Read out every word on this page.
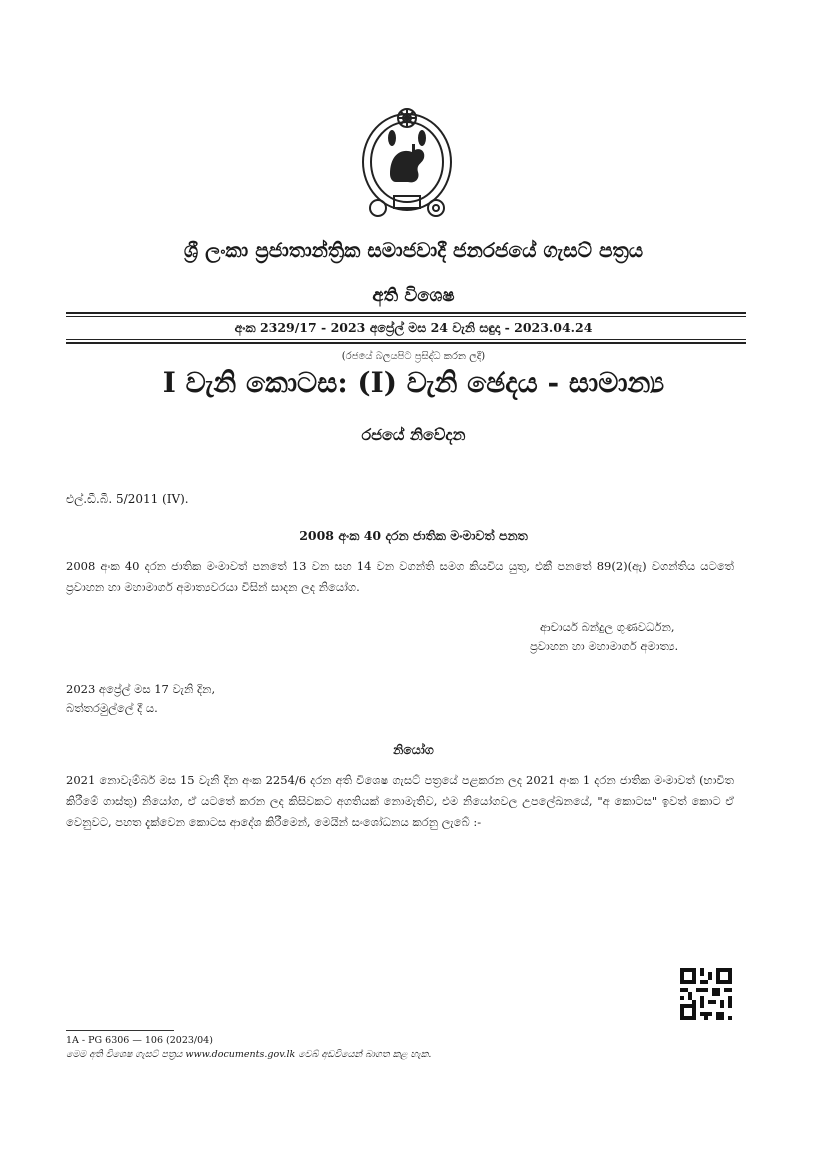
ශ්‍රී ලංකා ප්‍රජාතාන්ත්‍රික සමාජවාදී ජනරජයේ ගැසට් පත්‍රය
අති විශෙෂ
අංක 2329/17 - 2023 අප්‍රේල් මස 24 වැනි සඳුදා - 2023.04.24
(රජයේ බලයපිට ප්‍රසිද්ධ කරන ලදී)
I වැනි කොටස: (I) වැනි ඡෙදය - සාමාන්‍ය
රජයේ නිවේදන
එල්.ඩී.බී. 5/2011 (IV).
2008 අංක 40 දරන ජාතික මංමාවත් පනත
2008 අංක 40 දරන ජාතික මංමාවත් පනතේ 13 වන සහ 14 වන වගන්ති සමග කියවිය යුතු, එකී පනතේ 89(2)(ඇ) වගන්තිය යටතේ ප්‍රවාහන හා මහාමාර්ග අමාත්‍යවරයා විසින් සාදන ලද නියෝග.
ආචාර්ය බන්දුල ගුණවර්ධන,
ප්‍රවාහන හා මහාමාර්ග අමාත්‍ය.
2023 අප්‍රේල් මස 17 වැනි දින,
බත්තරමුල්ලේ දී ය.
නියෝග
2021 නොවැම්බර් මස 15 වැනි දින අංක 2254/6 දරන අති විශෙෂ ගැසට් පත්‍රයේ පළකරන ලද 2021 අංක 1 දරන ජාතික මංමාවත් (භාවිත කිරීමේ ගාස්තු) නියෝග, ඒ යටතේ කරන ලද කිසිවකට අගතියක් නොමැතිව, එම නියෝගවල උපලේඛනයේ, "අ කොටස" ඉවත් කොට ඒ වෙනුවට, පහත දැක්වෙන කොටස ආදේශ කිරීමෙන්, මෙයින් සංශෝධනය කරනු ලැබේ :-
1A - PG 6306 — 106 (2023/04)
මෙම අති විශෙෂ ගැසට් පත්‍රය www.documents.gov.lk වෙබ් අඩවියෙන් බාගත කළ හැක.
